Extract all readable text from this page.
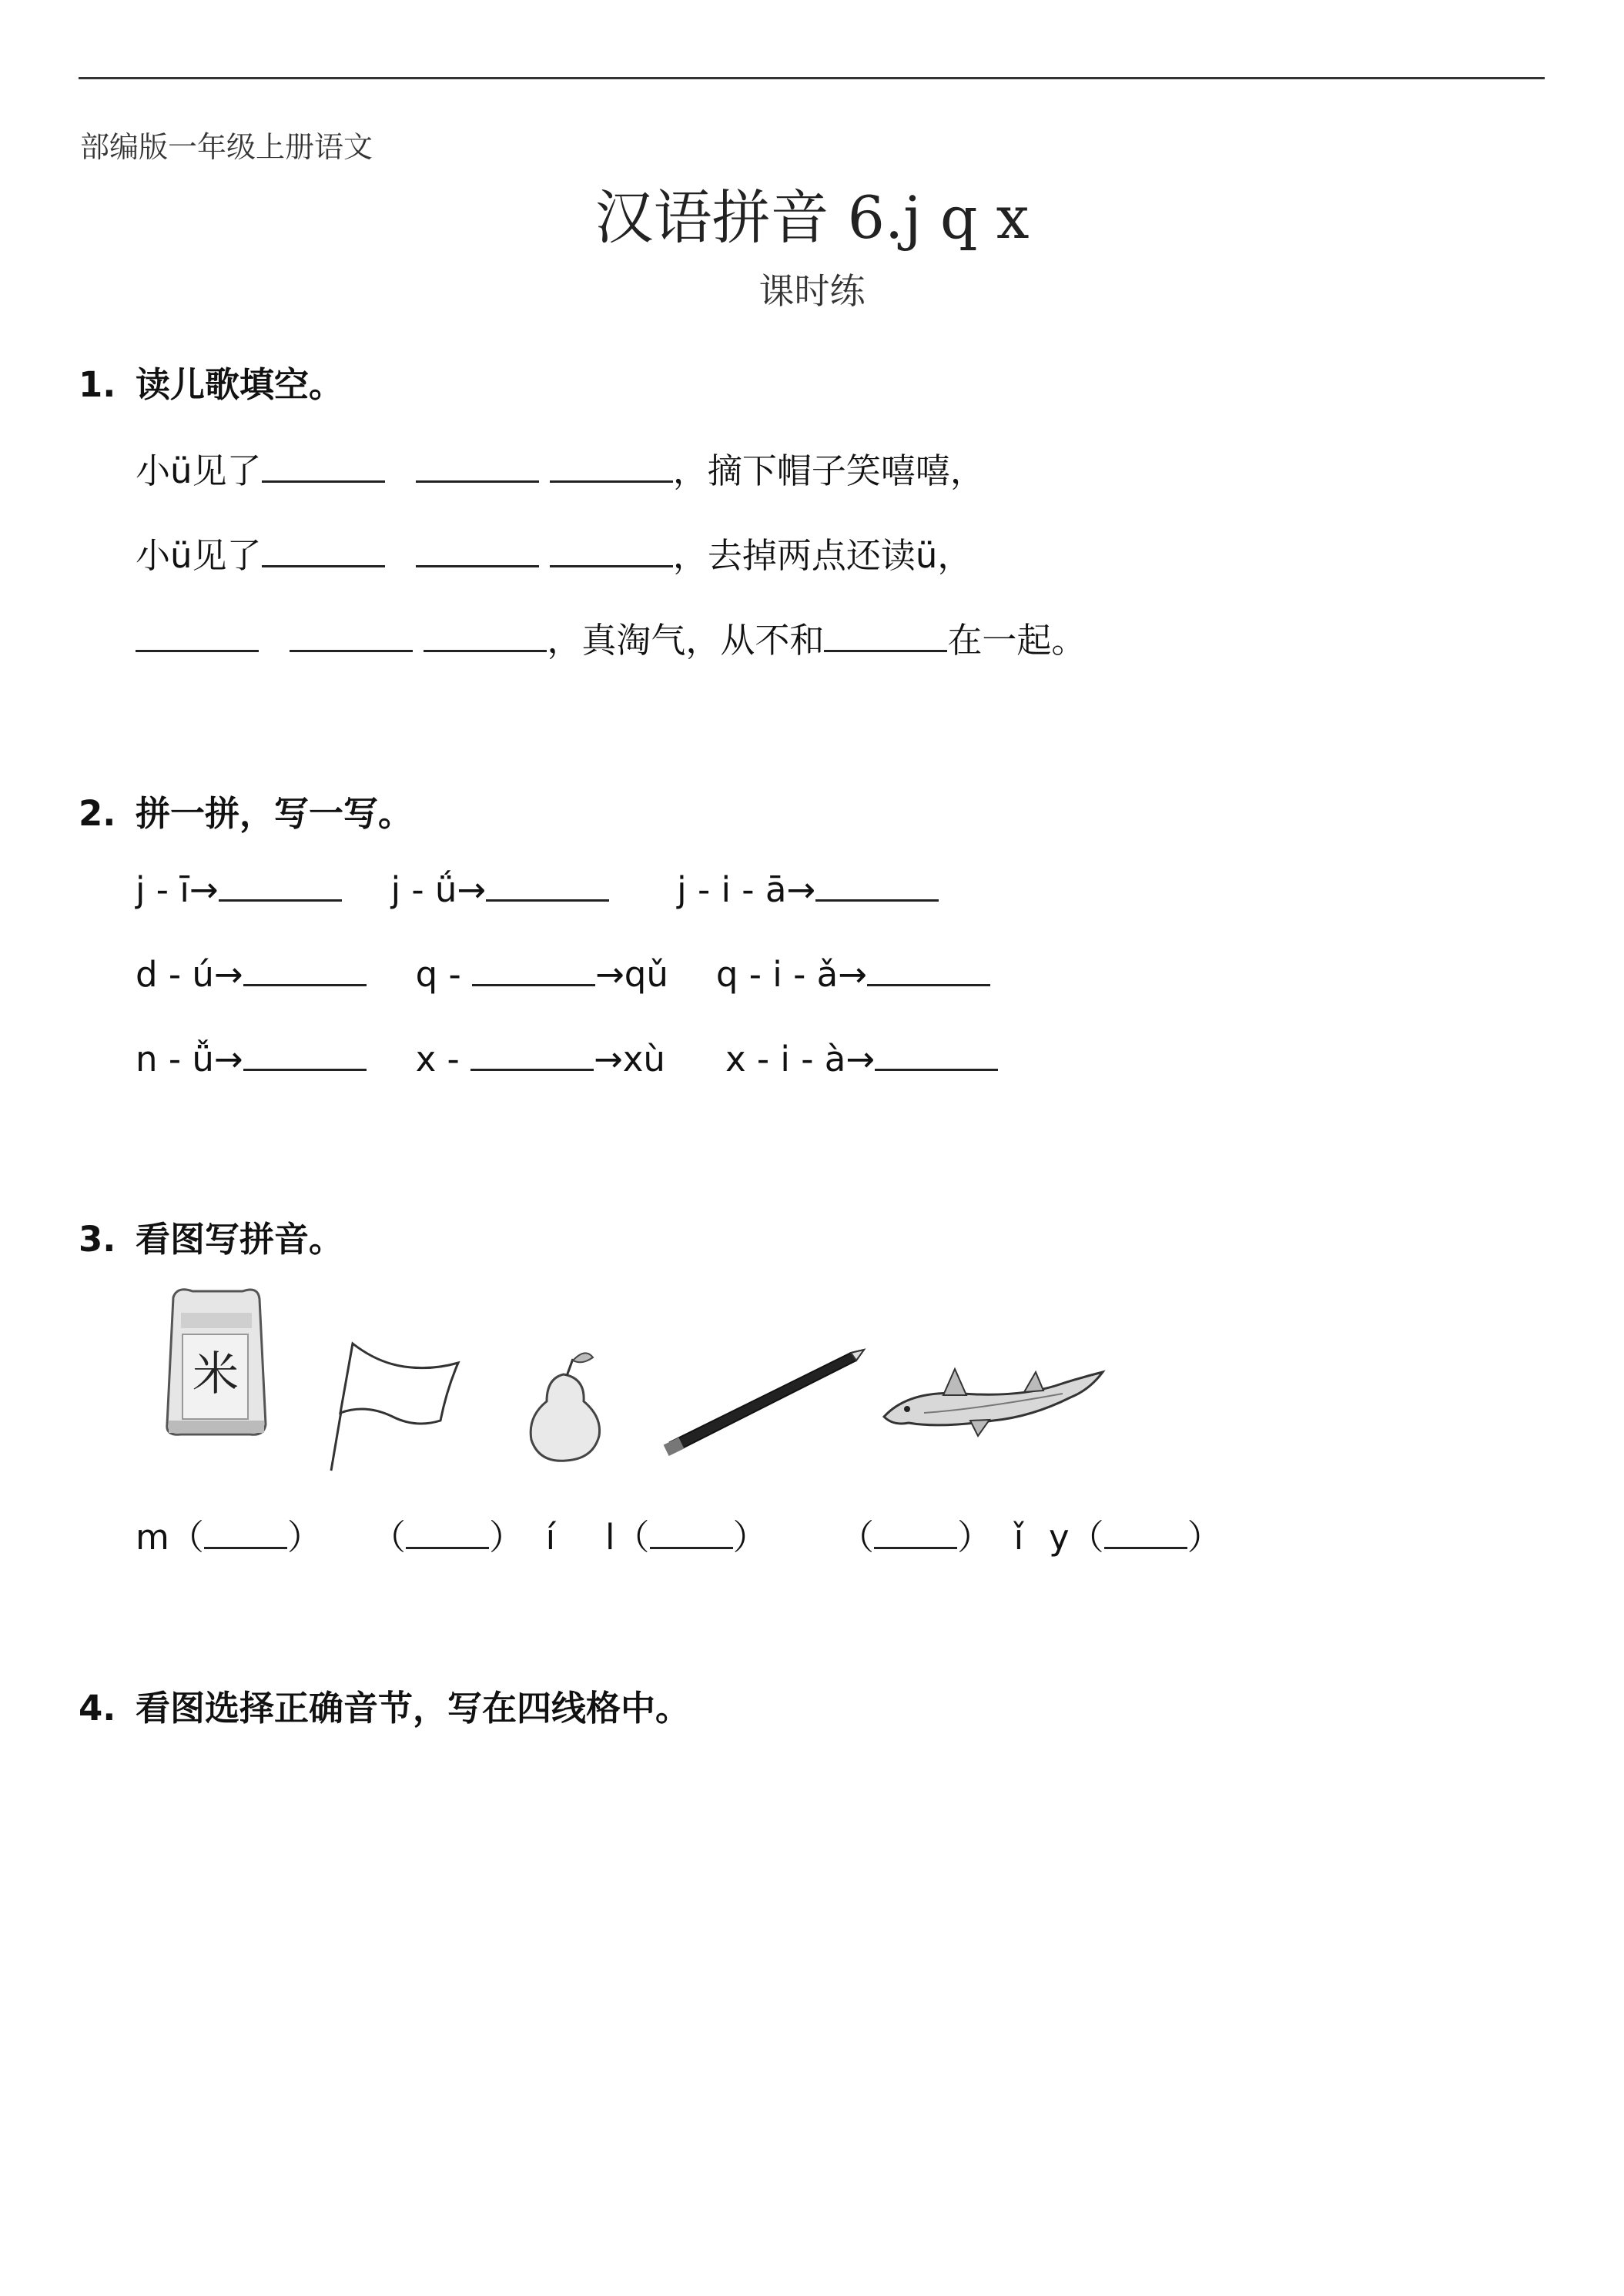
部编版一年级上册语文
汉语拼音 6.j q x
课时练
1. 读儿歌填空。
小ü见了	，摘下帽子笑嘻嘻，
小ü见了	，去掉两点还读ü，
，真淘气，从不和	在一起。
2. 拼一拼，写一写。
j - ī→	j - ǘ→	j - i - ā→
d - ú→	q -	→qǔ q - i - ǎ→
n - ǚ→	x -	→xù x - i - à→
3. 看图写拼音。
米
m（ ） （ ）  í l（ ） （ ）  ǐ y（ ）
4. 看图选择正确音节，写在四线格中。
